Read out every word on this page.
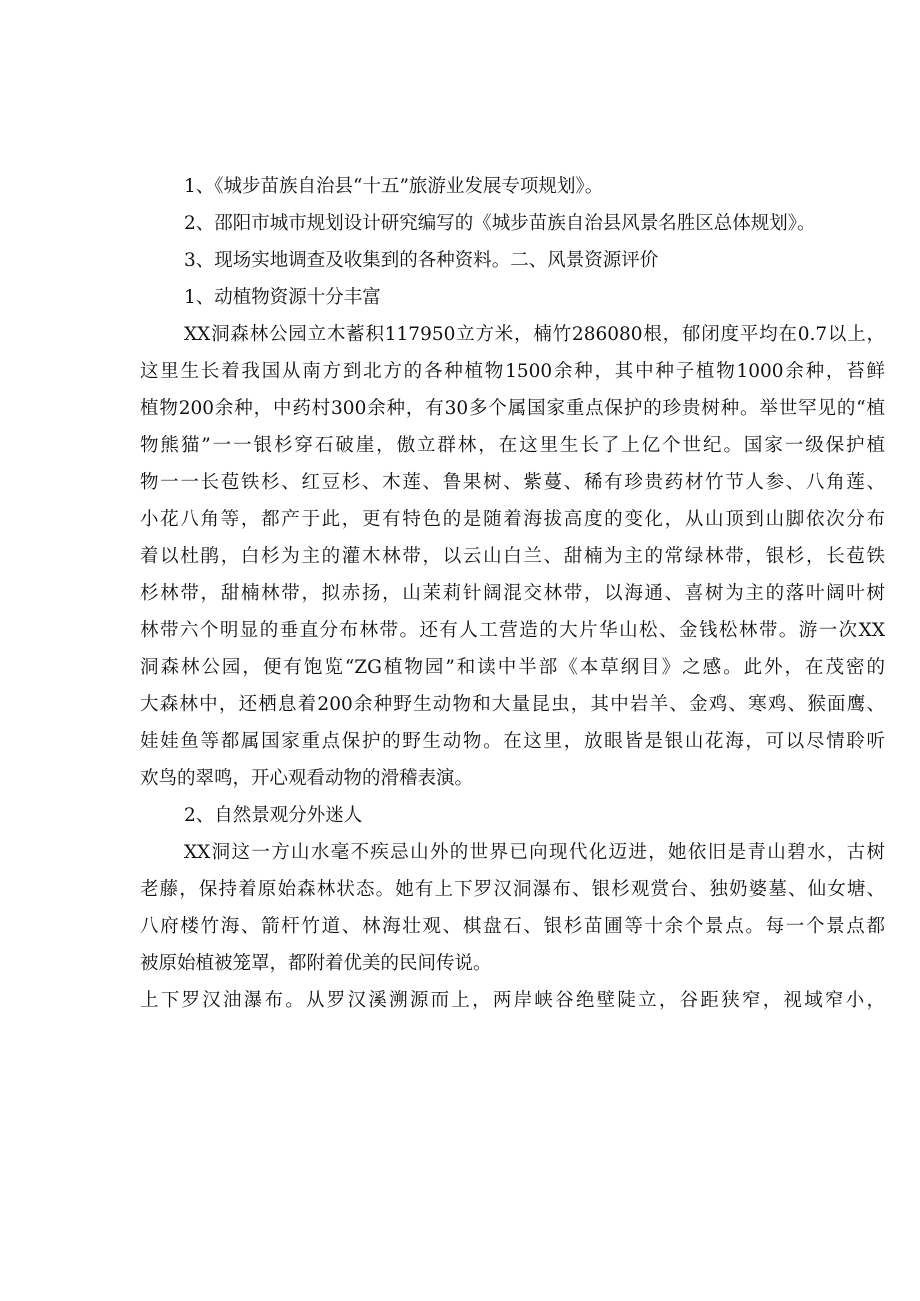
1、《城步苗族自治县“十五”旅游业发展专项规划》。

2、邵阳市城市规划设计研究编写的《城步苗族自治县风景名胜区总体规划》。

3、现场实地调查及收集到的各种资料。二、风景资源评价

1、动植物资源十分丰富

XX洞森林公园立木蓄积117950立方米，楠竹286080根，郁闭度平均在0.7以上，

这里生长着我国从南方到北方的各种植物1500余种，其中种子植物1000余种，苔鲜

植物200余种，中药村300余种，有30多个属国家重点保护的珍贵树种。举世罕见的“植

物熊猫”一一银杉穿石破崖，傲立群林，在这里生长了上亿个世纪。国家一级保护植

物一一长苞铁杉、红豆杉、木莲、鲁果树、紫蔓、稀有珍贵药材竹节人参、八角莲、

小花八角等，都产于此，更有特色的是随着海拔高度的变化，从山顶到山脚依次分布

着以杜鹃，白杉为主的灌木林带，以云山白兰、甜楠为主的常绿林带，银杉，长苞铁

杉林带，甜楠林带，拟赤扬，山茉莉针阔混交林带，以海通、喜树为主的落叶阔叶树

林带六个明显的垂直分布林带。还有人工营造的大片华山松、金钱松林带。游一次XX

洞森林公园，便有饱览“ZG植物园”和读中半部《本草纲目》之感。此外，在茂密的

大森林中，还栖息着200余种野生动物和大量昆虫，其中岩羊、金鸡、寒鸡、猴面鹰、

娃娃鱼等都属国家重点保护的野生动物。在这里，放眼皆是银山花海，可以尽情聆听

欢鸟的翠鸣，开心观看动物的滑稽表演。

2、自然景观分外迷人

XX洞这一方山水毫不疾忌山外的世界已向现代化迈进，她依旧是青山碧水，古树

老藤，保持着原始森林状态。她有上下罗汉洞瀑布、银杉观赏台、独奶婆墓、仙女塘、

八府楼竹海、箭杆竹道、林海壮观、棋盘石、银杉苗圃等十余个景点。每一个景点都

被原始植被笼罩，都附着优美的民间传说。

上下罗汉油瀑布。从罗汉溪溯源而上，两岸峡谷绝壁陡立，谷距狭窄，视域窄小，
